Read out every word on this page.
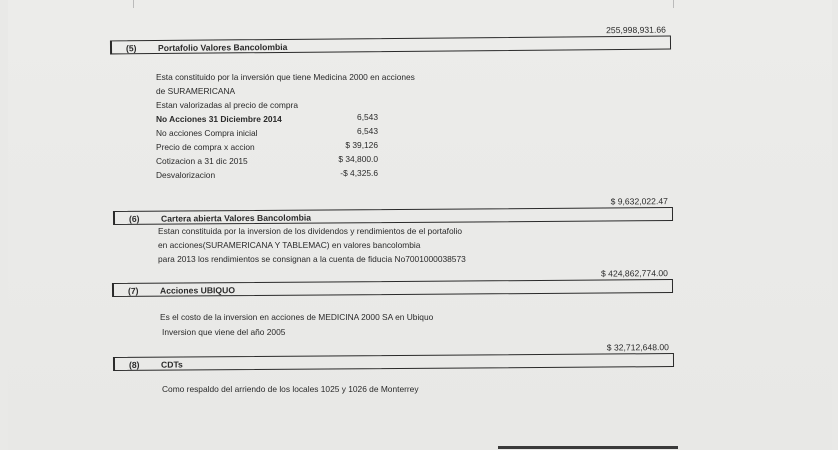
(5) Portafolio Valores Bancolombia
255,998,931.66
Esta constituido por la inversión que tiene Medicina 2000 en acciones
de SURAMERICANA
Estan valorizadas al precio de compra
No Acciones 31 Diciembre 2014	6,543
No acciones Compra inicial	6,543
Precio de compra x accion	$ 39,126
Cotizacion a 31 dic 2015	$ 34,800.0
Desvalorizacion	-$ 4,325.6
(6) Cartera abierta Valores Bancolombia
$ 9,632,022.47
Estan constituida por la inversion de los dividendos y rendimientos de el portafolio
en acciones(SURAMERICANA Y TABLEMAC) en valores bancolombia
para 2013 los rendimientos se consignan a la cuenta de fiducia No7001000038573
(7) Acciones UBIQUO
$ 424,862,774.00
Es el costo de la inversion en acciones de MEDICINA 2000 SA en Ubiquo
Inversion que viene del año 2005
(8) CDTs
$ 32,712,648.00
Como respaldo del arriendo de los locales 1025 y 1026 de Monterrey
